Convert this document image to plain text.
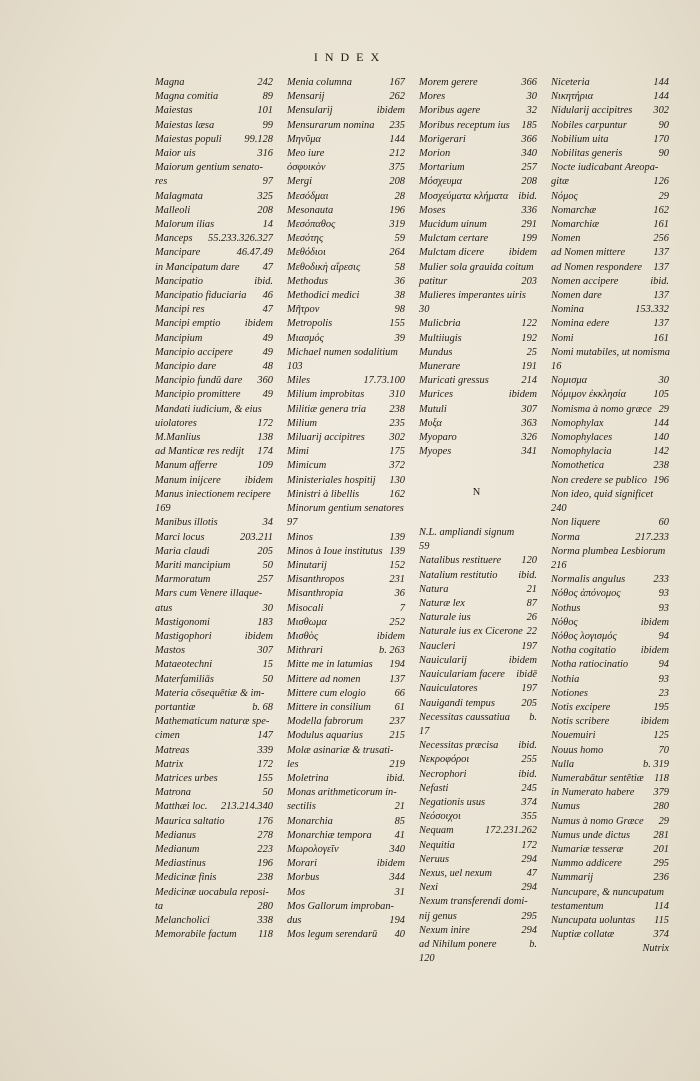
INDEX
Magna	242
Magna comitia	89
Maiestas	101
Maiestas læsa	99
Maiestas populi 99.128
Maior uis	316
Maiorum gentium senato-
res	97
Malagmata	325
Malleoli	208
Malorum ilias	14
Manceps 55.233.326.327
Mancipare	46.47.49
in Mancipatum dare 47
Mancipatio	ibid.
Mancipatio fiduciaria 46
Mancipi res	47
Mancipi emptio ibidem
Mancipium	49
Mancipio accipere	49
Mancipio dare	48
Mancipio fundū dare 360
Mancipio promittere 49
Mandati iudicium, & eius
uiolatores	172
M.Manlius	138
ad Manticæ res redijt 174
Manum afferre	109
Manum inijcere ibidem
Manus iniectionem recipere
169
Manibus illotis	34
Marci locus	203.211
Maria claudi	205
Mariti mancipium	50
Marmoratum	257
Mars cum Venere illaque-
atus	30
Mastigonomi	183
Mastigophori	ibidem
Mastos	307
Mataeotechni	15
Materfamiliās	50
Materia cōsequētiæ & im-
portantiæ	b. 68
Mathematicum naturæ spe-
cimen	147
Matreas	339
Matrix	172
Matrices urbes	155
Matrona	50
Matthæi loc. 213.214.340
Maurica saltatio	176
Medianus	278
Medianum	223
Mediastinus	196
Medicinæ finis	238
Medicinæ uocabula reposi-
ta	280
Melancholici	338
Memorabile factum 118
Menia columna	167
Mensarij	262
Mensularij	ibidem
Mensurarum nomina 235
Μηνῦμα	144
Meo iure	212
ὀσφυικὸν	375
Mergi	208
Μεσόδμαι	28
Mesonauta	196
Μεσόπαθος	319
Μεσότης	59
Μεθόδιοι	264
Μεθοδικὴ αἵρεσις	58
Methodus	36
Methodici medici	38
Μῆτρον	98
Metropolis	155
Μιασμός	39
Michael numen sodalitium
103
Miles	17.73.100
Milium improbitas 310
Militiæ genera tria 238
Milium	235
Miluarij accipitres 302
Mimi	175
Mimicum	372
Ministeriales hospitij 130
Ministri à libellis	162
Minorum gentium senatores
97
Minos	139
Minos à Ioue institutus 139
Minutarij	152
Misanthropos	231
Misanthropia	36
Misocali	7
Μισθωμα	252
Μισθὸς	ibidem
Mithrari	b. 263
Mitte me in latumias 194
Mittere ad nomen	137
Mittere cum elogio	66
Mittere in consilium 61
Modella fabrorum	237
Modulus aquarius	215
Molæ asinariæ & trusati-
les	219
Moletrina	ibid.
Monas arithmeticorum in-
sectilis	21
Monarchia	85
Monarchiæ tempora 41
Μωρολογεῖν	340
Morari	ibidem
Morbus	344
Mos	31
Mos Gallorum improban-
dus	194
Mos legum serendarū 40
Morem gerere	366
Mores	30
Moribus agere	32
Moribus receptum ius 185
Morigerari	366
Morion	340
Mortarium	257
Μόσχευμα	208
Μοσχεύματα κλήματα ibid.
Moses	336
Mucidum uinum	291
Mulctam certare	199
Mulctam dicere ibidem
Mulier sola grauida coitum
patitur	203
Mulieres imperantes uiris
30
Mulicbria	122
Multiiugis	192
Mundus	25
Munerare	191
Muricati gressus	214
Murices	ibidem
Mutuli	307
Μυξα	363
Myoparo	326
Myopes	341
N
N.L. ampliandi signum
59
Natalibus restituere 120
Natalium restitutio ibid.
Natura	21
Naturæ lex	87
Naturale ius	26
Naturale ius ex Cicerone 22
Naucleri	197
Nauicularij	ibidem
Nauiculariam facere ibidē
Nauiculatores	197
Nauigandi tempus	205
Necessitas caussatiua b.
17
Necessitas præcisa ibid.
Νεκροφόροι	255
Necrophori	ibid.
Nefasti	245
Negationis usus	374
Νεόσοιχοι	355
Nequam	172.231.262
Nequitia	172
Neruus	294
Nexus, uel nexum	47
Nexi	294
Nexum transferendi domi-
nij genus	295
Nexum inire	294
ad Nihilum ponere	b.
120
Niceteria	144
Νικητήρια	144
Nidularij accipitres 302
Nobiles carpuntur	90
Nobilium uita	170
Nobilitas generis	90
Nocte iudicabant Areopa-
gitæ	126
Νόμος	29
Nomarchæ	162
Nomarchiæ	161
Nomen	256
ad Nomen mittere	137
ad Nomen respondere 137
Nomen accipere	ibid.
Nomen dare	137
Nomina	153.332
Nomina edere	137
Nomi	161
Nomi mutabiles, ut nomisma
16
Νομισμα	30
Νόμιμον ἐκκλησία	105
Nomisma à nomo græce 29
Nomophylax	144
Nomophylaces	140
Nomophylacia	142
Nomothetica	238
Non credere se publico 196
Non ideo, quid significet
240
Non liquere	60
Norma	217.233
Norma plumbea Lesbiorum
216
Normalis angulus	233
Νόθος ἀπόνομος	93
Nothus	93
Νόθος	ibidem
Νόθος λογισμός	94
Notha cogitatio ibidem
Notha ratiocinatio	94
Nothia	93
Notiones	23
Notis excipere	195
Notis scribere	ibidem
Nouemuiri	125
Nouus homo	70
Nulla	b. 319
Numerabātur sentētiæ 118
in Numerato habere 379
Numus	280
Numus à nomo Græce 29
Numus unde dictus 281
Numariæ tesseræ	201
Nummo addicere	295
Nummarij	236
Nuncupare, & nuncupatum
testamentum	114
Nuncupata uoluntas 115
Nuptiæ collatæ	374
Nutrix
